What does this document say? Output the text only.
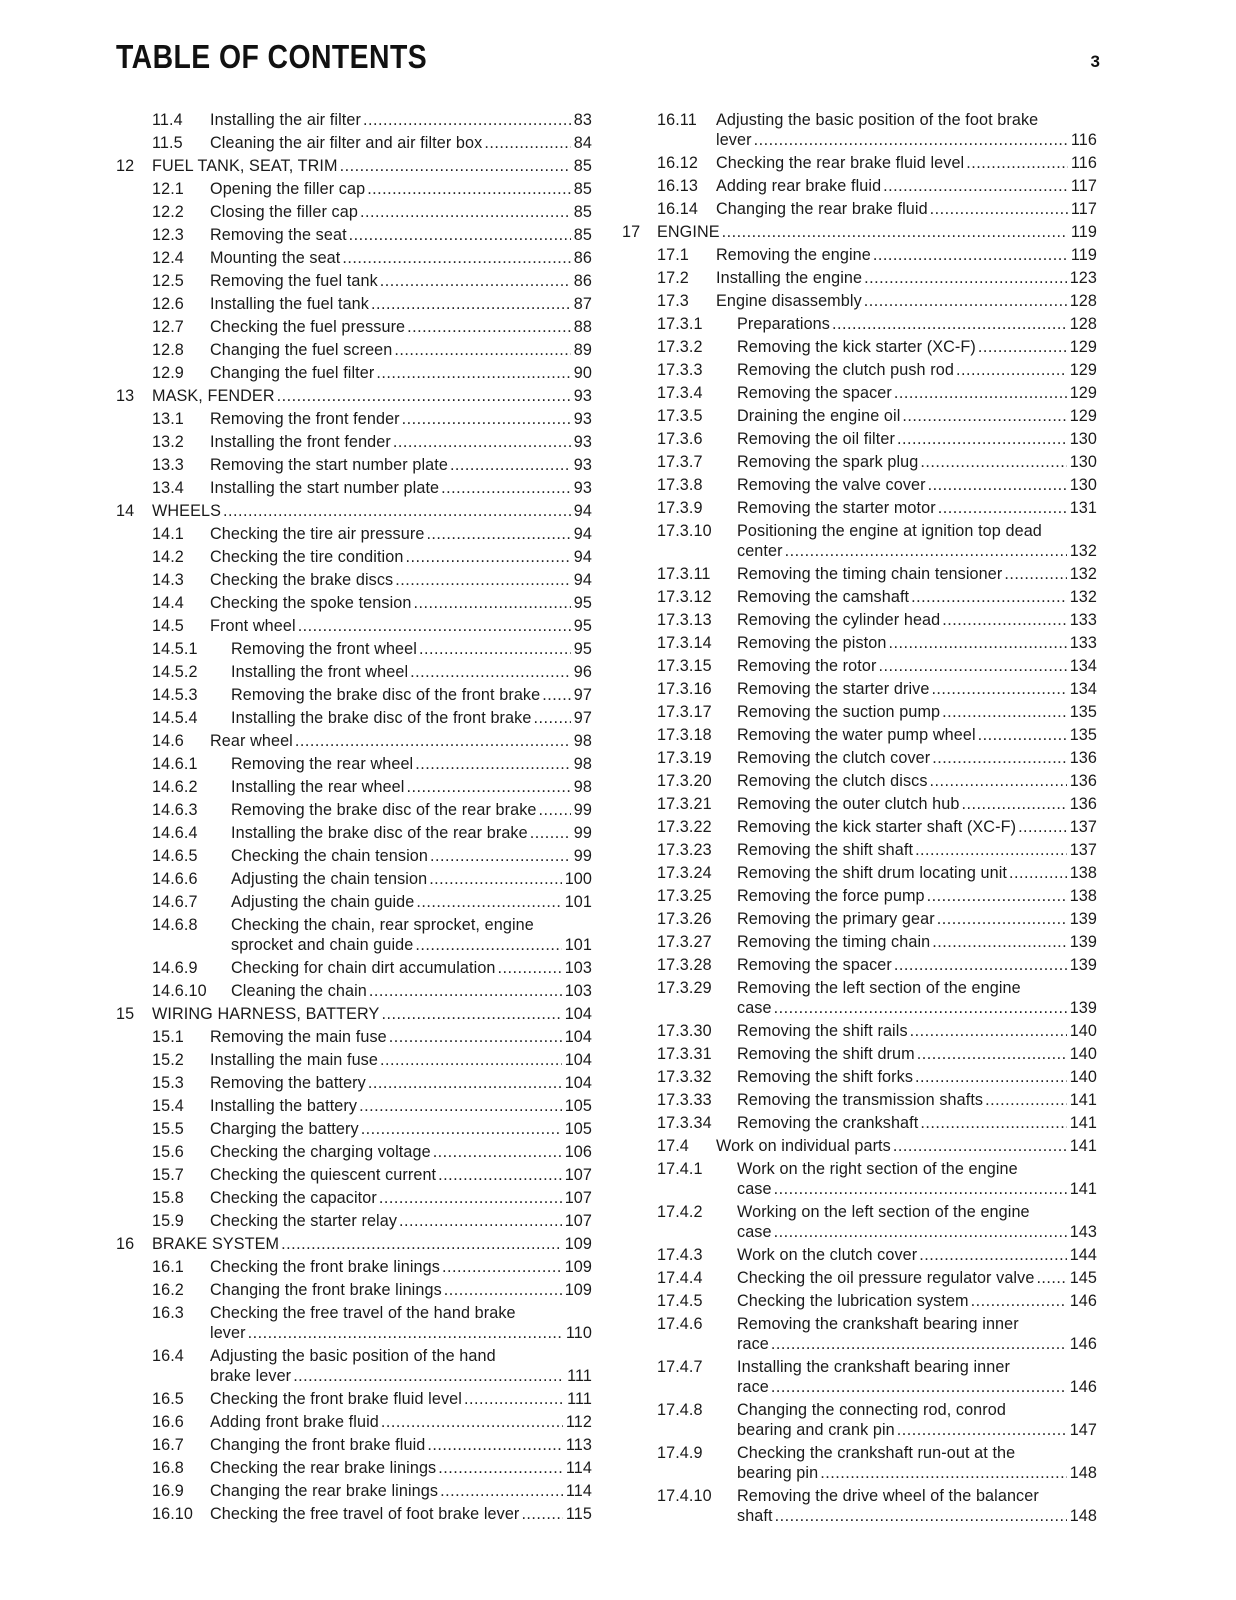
TABLE OF CONTENTS	3
11.4 Installing the air filter .....	83
11.5 Cleaning the air filter and air filter box .....	84
12 FUEL TANK, SEAT, TRIM .....	85
12.1 Opening the filler cap .....	85
12.2 Closing the filler cap .....	85
12.3 Removing the seat .....	85
12.4 Mounting the seat .....	86
12.5 Removing the fuel tank .....	86
12.6 Installing the fuel tank .....	87
12.7 Checking the fuel pressure .....	88
12.8 Changing the fuel screen .....	89
12.9 Changing the fuel filter .....	90
13 MASK, FENDER .....	93
13.1 Removing the front fender .....	93
13.2 Installing the front fender .....	93
13.3 Removing the start number plate .....	93
13.4 Installing the start number plate .....	93
14 WHEELS .....	94
14.1 Checking the tire air pressure .....	94
14.2 Checking the tire condition .....	94
14.3 Checking the brake discs .....	94
14.4 Checking the spoke tension .....	95
14.5 Front wheel .....	95
14.5.1 Removing the front wheel .....	95
14.5.2 Installing the front wheel .....	96
14.5.3 Removing the brake disc of the front brake ..... 97
14.5.4 Installing the brake disc of the front brake .....	97
14.6 Rear wheel .....	98
14.6.1 Removing the rear wheel .....	98
14.6.2 Installing the rear wheel .....	98
14.6.3 Removing the brake disc of the rear brake ..... 99
14.6.4 Installing the brake disc of the rear brake .....	99
14.6.5 Checking the chain tension .....	99
14.6.6 Adjusting the chain tension .....	100
14.6.7 Adjusting the chain guide .....	101
14.6.8 Checking the chain, rear sprocket, engine
sprocket and chain guide .....	101
14.6.9 Checking for chain dirt accumulation .....	103
14.6.10 Cleaning the chain .....	103
15 WIRING HARNESS, BATTERY .....	104
15.1 Removing the main fuse .....	104
15.2 Installing the main fuse .....	104
15.3 Removing the battery .....	104
15.4 Installing the battery .....	105
15.5 Charging the battery .....	105
15.6 Checking the charging voltage .....	106
15.7 Checking the quiescent current .....	107
15.8 Checking the capacitor .....	107
15.9 Checking the starter relay .....	107
16 BRAKE SYSTEM .....	109
16.1 Checking the front brake linings .....	109
16.2 Changing the front brake linings .....	109
16.3 Checking the free travel of the hand brake
lever .....	110
16.4 Adjusting the basic position of the hand
brake lever .....	111
16.5 Checking the front brake fluid level .....	111
16.6 Adding front brake fluid .....	112
16.7 Changing the front brake fluid .....	113
16.8 Checking the rear brake linings .....	114
16.9 Changing the rear brake linings .....	114
16.10 Checking the free travel of foot brake lever .....	115
16.11 Adjusting the basic position of the foot brake
lever .....	116
16.12 Checking the rear brake fluid level .....	116
16.13 Adding rear brake fluid .....	117
16.14 Changing the rear brake fluid .....	117
17 ENGINE .....	119
17.1 Removing the engine .....	119
17.2 Installing the engine .....	123
17.3 Engine disassembly .....	128
17.3.1 Preparations .....	128
17.3.2 Removing the kick starter (XC-F) .....	129
17.3.3 Removing the clutch push rod .....	129
17.3.4 Removing the spacer .....	129
17.3.5 Draining the engine oil .....	129
17.3.6 Removing the oil filter .....	130
17.3.7 Removing the spark plug .....	130
17.3.8 Removing the valve cover .....	130
17.3.9 Removing the starter motor .....	131
17.3.10 Positioning the engine at ignition top dead
center .....	132
17.3.11 Removing the timing chain tensioner .....	132
17.3.12 Removing the camshaft .....	132
17.3.13 Removing the cylinder head .....	133
17.3.14 Removing the piston .....	133
17.3.15 Removing the rotor .....	134
17.3.16 Removing the starter drive .....	134
17.3.17 Removing the suction pump .....	135
17.3.18 Removing the water pump wheel .....	135
17.3.19 Removing the clutch cover .....	136
17.3.20 Removing the clutch discs .....	136
17.3.21 Removing the outer clutch hub .....	136
17.3.22 Removing the kick starter shaft (XC-F) .....	137
17.3.23 Removing the shift shaft .....	137
17.3.24 Removing the shift drum locating unit .....	138
17.3.25 Removing the force pump .....	138
17.3.26 Removing the primary gear .....	139
17.3.27 Removing the timing chain .....	139
17.3.28 Removing the spacer .....	139
17.3.29 Removing the left section of the engine
case .....	139
17.3.30 Removing the shift rails .....	140
17.3.31 Removing the shift drum .....	140
17.3.32 Removing the shift forks .....	140
17.3.33 Removing the transmission shafts .....	141
17.3.34 Removing the crankshaft .....	141
17.4 Work on individual parts .....	141
17.4.1 Work on the right section of the engine
case .....	141
17.4.2 Working on the left section of the engine
case .....	143
17.4.3 Work on the clutch cover .....	144
17.4.4 Checking the oil pressure regulator valve ..... 145
17.4.5 Checking the lubrication system .....	146
17.4.6 Removing the crankshaft bearing inner
race .....	146
17.4.7 Installing the crankshaft bearing inner
race .....	146
17.4.8 Changing the connecting rod, conrod
bearing and crank pin .....	147
17.4.9 Checking the crankshaft run-out at the
bearing pin .....	148
17.4.10 Removing the drive wheel of the balancer
shaft .....	148
